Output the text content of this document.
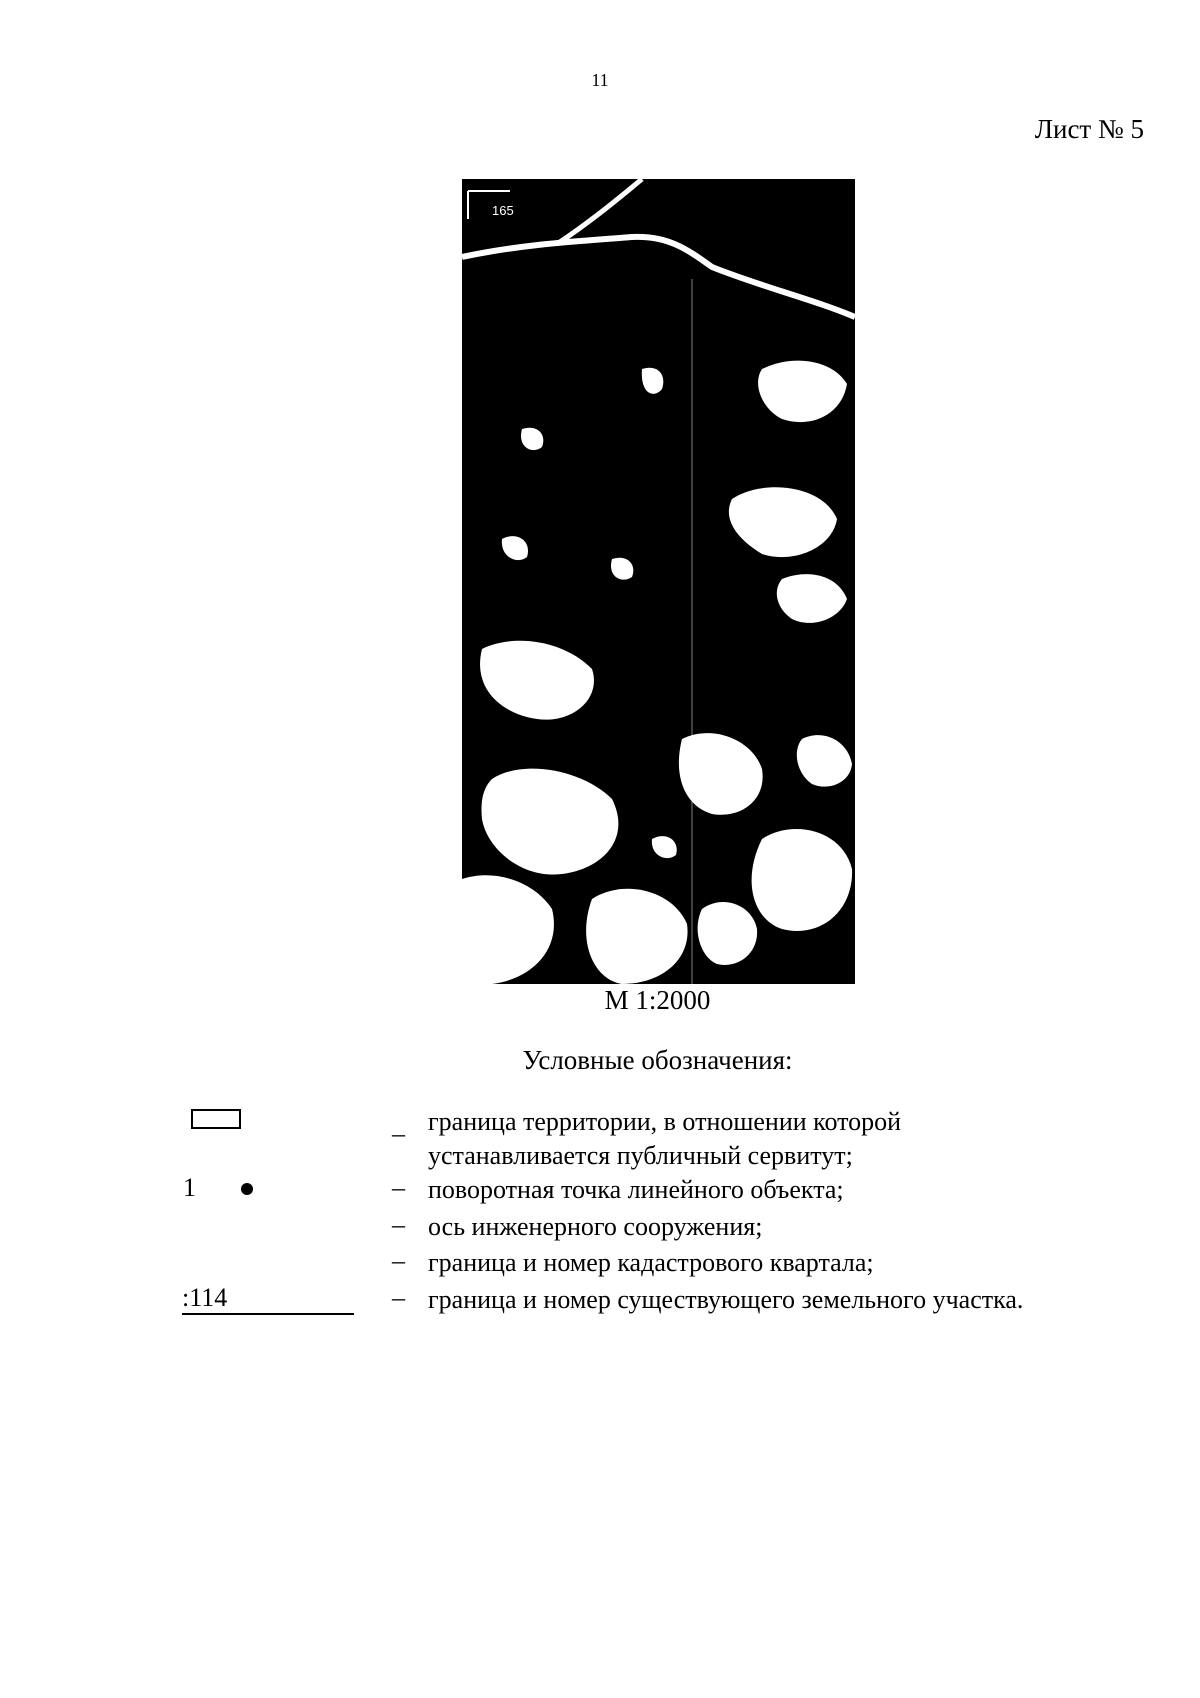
11
Лист № 5
165
М 1:2000
Условные обозначения:
– граница территории, в отношении которой
устанавливается публичный сервитут;
1	– поворотная точка линейного объекта;
– ось инженерного сооружения;
– граница и номер кадастрового квартала;
:114	– граница и номер существующего земельного участка.
